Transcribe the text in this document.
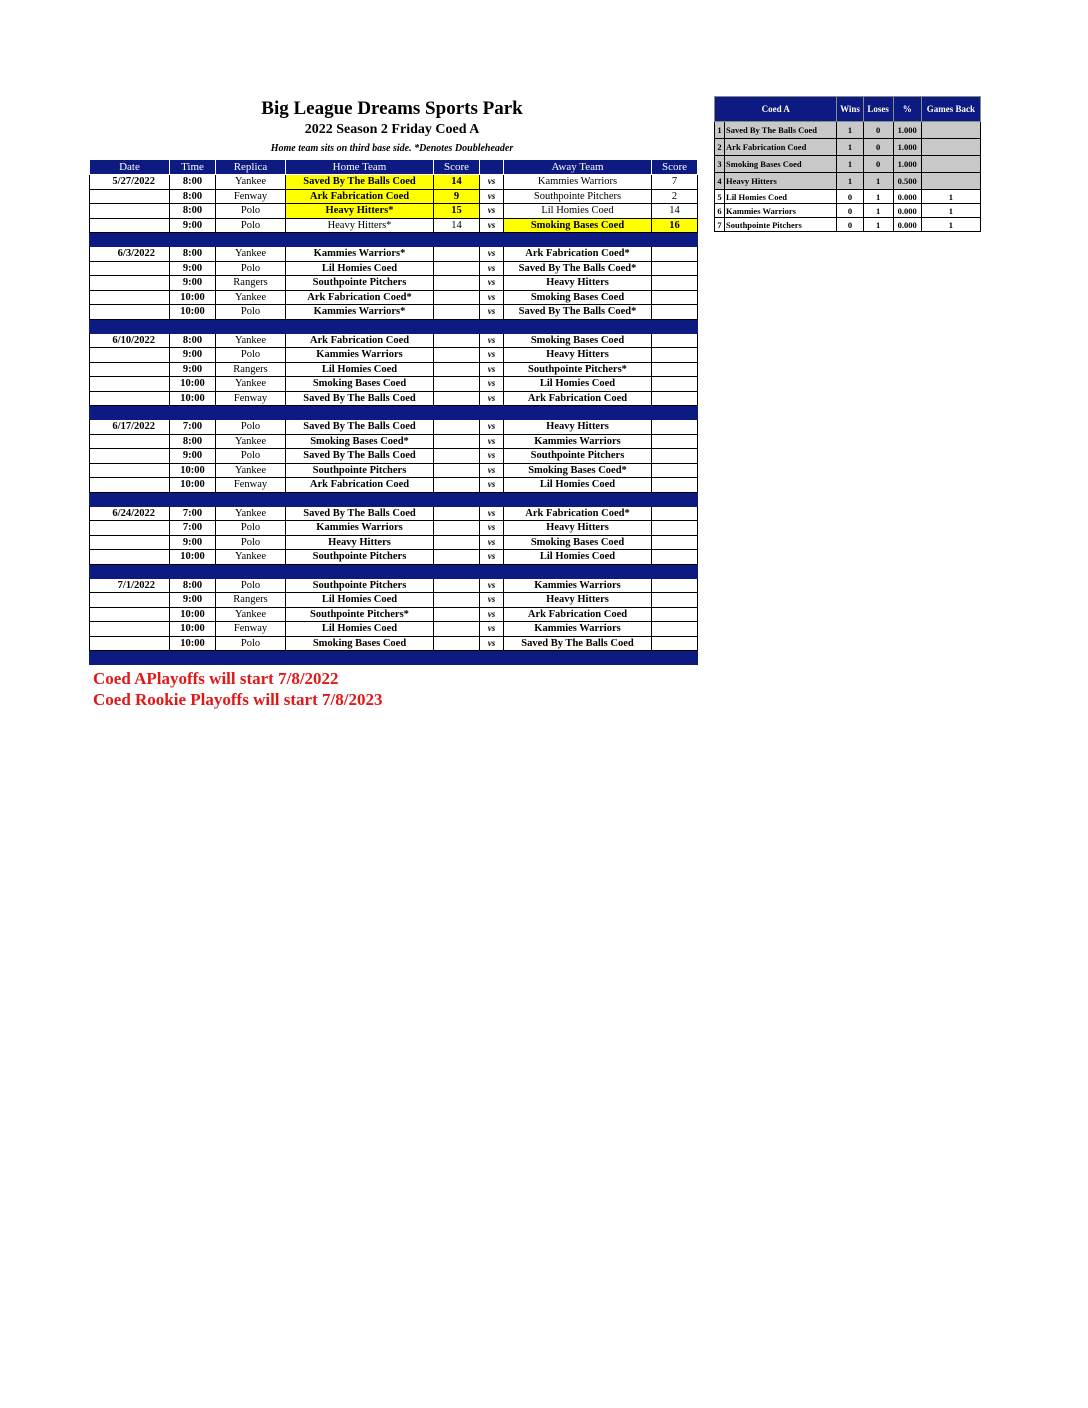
Big League Dreams Sports Park
2022 Season 2 Friday Coed A
Home team sits on third base side. *Denotes Doubleheader
Date	Time	Replica	Home Team	Score		Away Team	Score
5/27/2022	8:00	Yankee	Saved By The Balls Coed	14	vs	Kammies Warriors	7
	8:00	Fenway	Ark Fabrication Coed	9	vs	Southpointe Pitchers	2
	8:00	Polo	Heavy Hitters*	15	vs	Lil Homies Coed	14
	9:00	Polo	Heavy Hitters*	14	vs	Smoking Bases Coed	16

6/3/2022	8:00	Yankee	Kammies Warriors*		vs	Ark Fabrication Coed*	
	9:00	Polo	Lil Homies Coed		vs	Saved By The Balls Coed*	
	9:00	Rangers	Southpointe Pitchers		vs	Heavy Hitters	
	10:00	Yankee	Ark Fabrication Coed*		vs	Smoking Bases Coed	
	10:00	Polo	Kammies Warriors*		vs	Saved By The Balls Coed*	

6/10/2022	8:00	Yankee	Ark Fabrication Coed		vs	Smoking Bases Coed	
	9:00	Polo	Kammies Warriors		vs	Heavy Hitters	
	9:00	Rangers	Lil Homies Coed		vs	Southpointe Pitchers*	
	10:00	Yankee	Smoking Bases Coed		vs	Lil Homies Coed	
	10:00	Fenway	Saved By The Balls Coed		vs	Ark Fabrication Coed	

6/17/2022	7:00	Polo	Saved By The Balls Coed		vs	Heavy Hitters	
	8:00	Yankee	Smoking Bases Coed*		vs	Kammies Warriors	
	9:00	Polo	Saved By The Balls Coed		vs	Southpointe Pitchers	
	10:00	Yankee	Southpointe Pitchers		vs	Smoking Bases Coed*	
	10:00	Fenway	Ark Fabrication Coed		vs	Lil Homies Coed	

6/24/2022	7:00	Yankee	Saved By The Balls Coed		vs	Ark Fabrication Coed*	
	7:00	Polo	Kammies Warriors		vs	Heavy Hitters	
	9:00	Polo	Heavy Hitters		vs	Smoking Bases Coed	
	10:00	Yankee	Southpointe Pitchers		vs	Lil Homies Coed	

7/1/2022	8:00	Polo	Southpointe Pitchers		vs	Kammies Warriors	
	9:00	Rangers	Lil Homies Coed		vs	Heavy Hitters	
	10:00	Yankee	Southpointe Pitchers*		vs	Ark Fabrication Coed	
	10:00	Fenway	Lil Homies Coed		vs	Kammies Warriors	
	10:00	Polo	Smoking Bases Coed		vs	Saved By The Balls Coed	

Coed A		Wins	Loses	%	Games Back
1	Saved By The Balls Coed	1	0	1.000	
2	Ark Fabrication Coed	1	0	1.000	
3	Smoking Bases Coed	1	0	1.000	
4	Heavy Hitters	1	1	0.500	
5	Lil Homies Coed	0	1	0.000	1
6	Kammies Warriors	0	1	0.000	1
7	Southpointe Pitchers	0	1	0.000	1
Coed APlayoffs will start 7/8/2022
Coed Rookie Playoffs will start 7/8/2023
